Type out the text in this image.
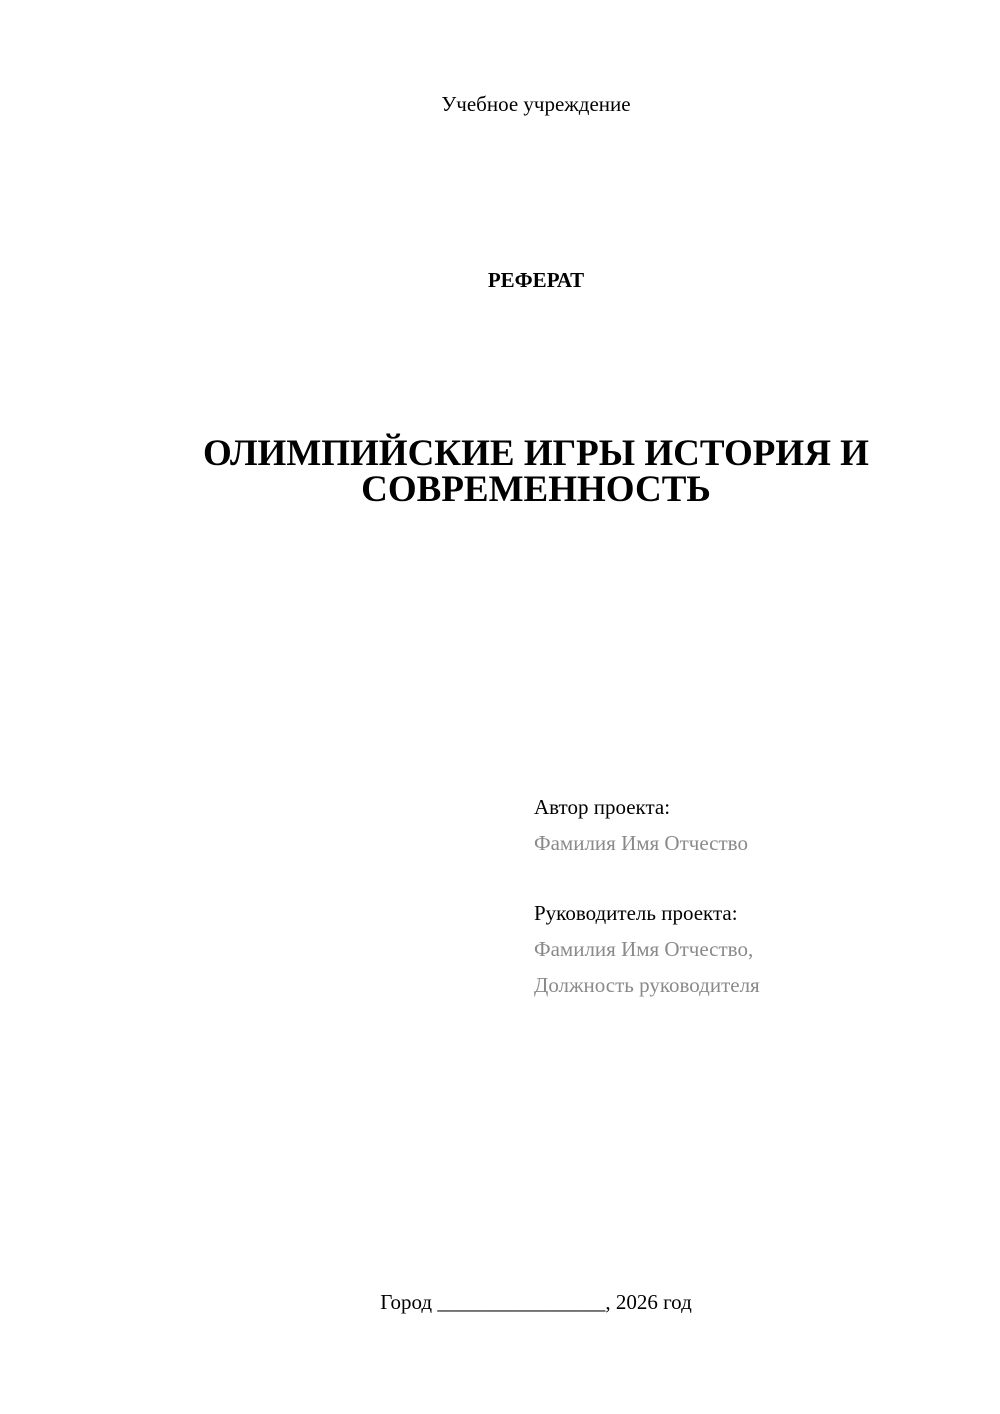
Учебное учреждение
РЕФЕРАТ
ОЛИМПИЙСКИЕ ИГРЫ ИСТОРИЯ И
СОВРЕМЕННОСТЬ
Автор проекта:
Фамилия Имя Отчество
Руководитель проекта:
Фамилия Имя Отчество,
Должность руководителя
Город ________________, 2026 год
